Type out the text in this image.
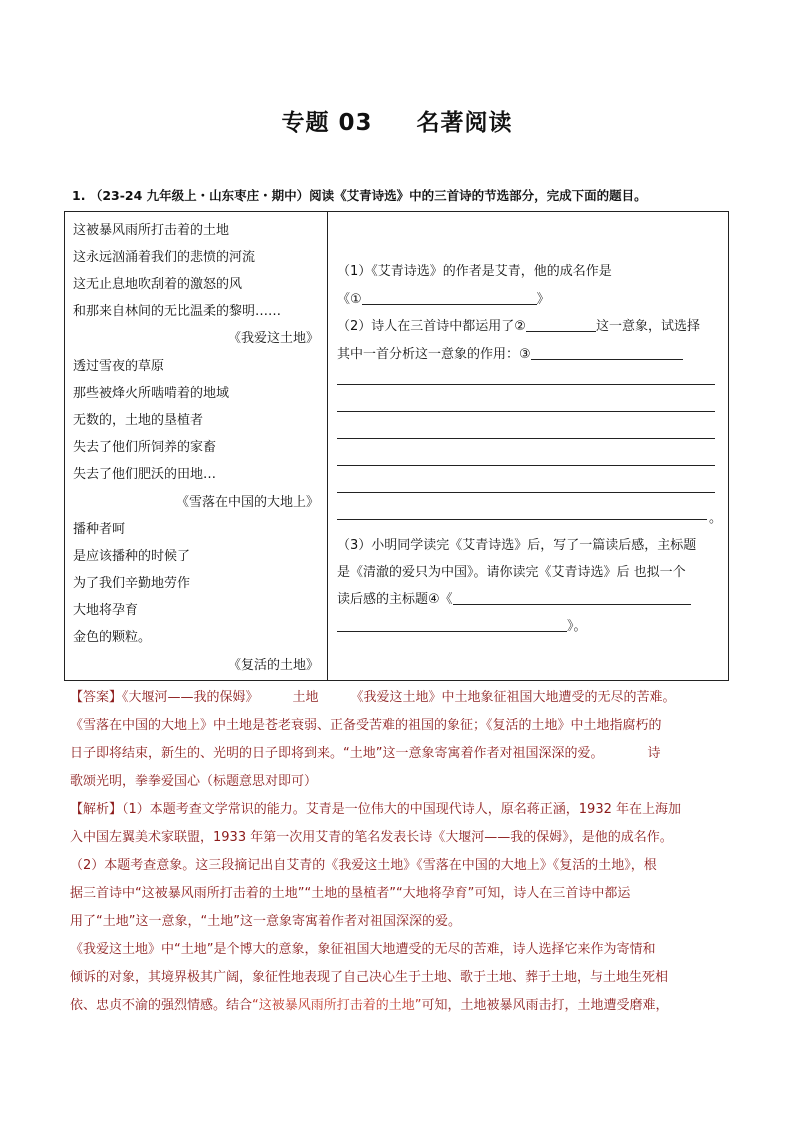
专题 03 名著阅读
1. （23-24 九年级上・山东枣庄・期中）阅读《艾青诗选》中的三首诗的节选部分，完成下面的题目。
这被暴风雨所打击着的土地
这永远汹涌着我们的悲愤的河流
这无止息地吹刮着的激怒的风
和那来自林间的无比温柔的黎明……
《我爱这土地》
透过雪夜的草原
那些被烽火所啮啃着的地域
无数的，土地的垦植者
失去了他们所饲养的家畜
失去了他们肥沃的田地…
《雪落在中国的大地上》
播种者呵
是应该播种的时候了
为了我们辛勤地劳作
大地将孕育
金色的颗粒。
《复活的土地》
（1）《艾青诗选》的作者是艾青，他的成名作是
《①	》
（2）诗人在三首诗中都运用了②	这一意象，试选择
其中一首分析这一意象的作用：③
。
（3）小明同学读完《艾青诗选》后，写了一篇读后感，主标题
是《清澈的爱只为中国》。请你读完《艾青诗选》后 也拟一个
读后感的主标题④《
》。
【答案】《大堰河——我的保姆》	土地 《我爱这土地》中土地象征祖国大地遭受的无尽的苦难。
《雪落在中国的大地上》中土地是苍老衰弱、正备受苦难的祖国的象征；《复活的土地》中土地指腐朽的
日子即将结束，新生的、光明的日子即将到来。“土地”这一意象寄寓着作者对祖国深深的爱。	诗
歌颂光明，拳拳爱国心（标题意思对即可）
【解析】（1）本题考查文学常识的能力。艾青是一位伟大的中国现代诗人，原名蒋正涵，1932 年在上海加
入中国左翼美术家联盟，1933 年第一次用艾青的笔名发表长诗《大堰河——我的保姆》，是他的成名作。
（2）本题考查意象。这三段摘记出自艾青的《我爱这土地》《雪落在中国的大地上》《复活的土地》，根
据三首诗中“这被暴风雨所打击着的土地”“土地的垦植者”“大地将孕育”可知，诗人在三首诗中都运
用了“土地”这一意象，“土地”这一意象寄寓着作者对祖国深深的爱。
《我爱这土地》中“土地”是个博大的意象，象征祖国大地遭受的无尽的苦难，诗人选择它来作为寄情和
倾诉的对象，其境界极其广阔，象征性地表现了自己决心生于土地、歌于土地、葬于土地，与土地生死相
依、忠贞不渝的强烈情感。结合“这被暴风雨所打击着的土地”可知，土地被暴风雨击打，土地遭受磨难，
